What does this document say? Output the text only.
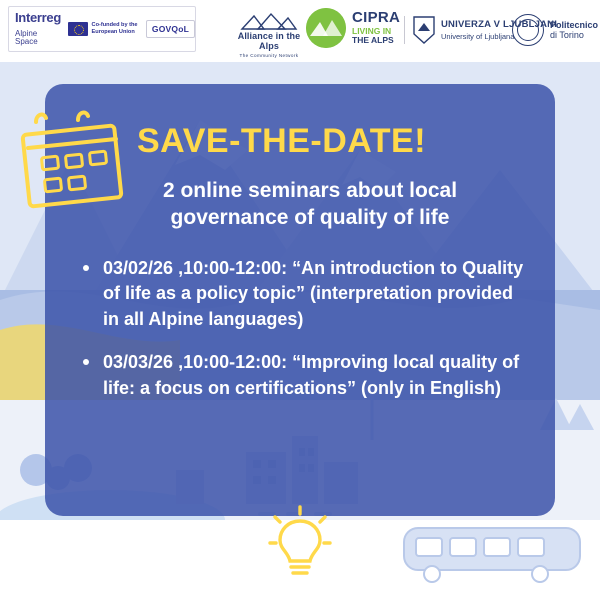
Interreg
Alpine Space
Co-funded by the European Union	GOVQoL
Alliance in the Alps
The Community Network
CIPRA
LIVING IN
THE ALPS
UNIVERZA V LJUBLJANI
University of Ljubljana
Politecnico
di Torino
SAVE-THE-DATE!
2 online seminars about local governance of quality of life
03/02/26 ,10:00-12:00: “An introduction to Quality of life as a policy topic” (interpretation provided in all Alpine languages)
03/03/26 ,10:00-12:00: “Improving local quality of life: a focus on certifications” (only in English)
